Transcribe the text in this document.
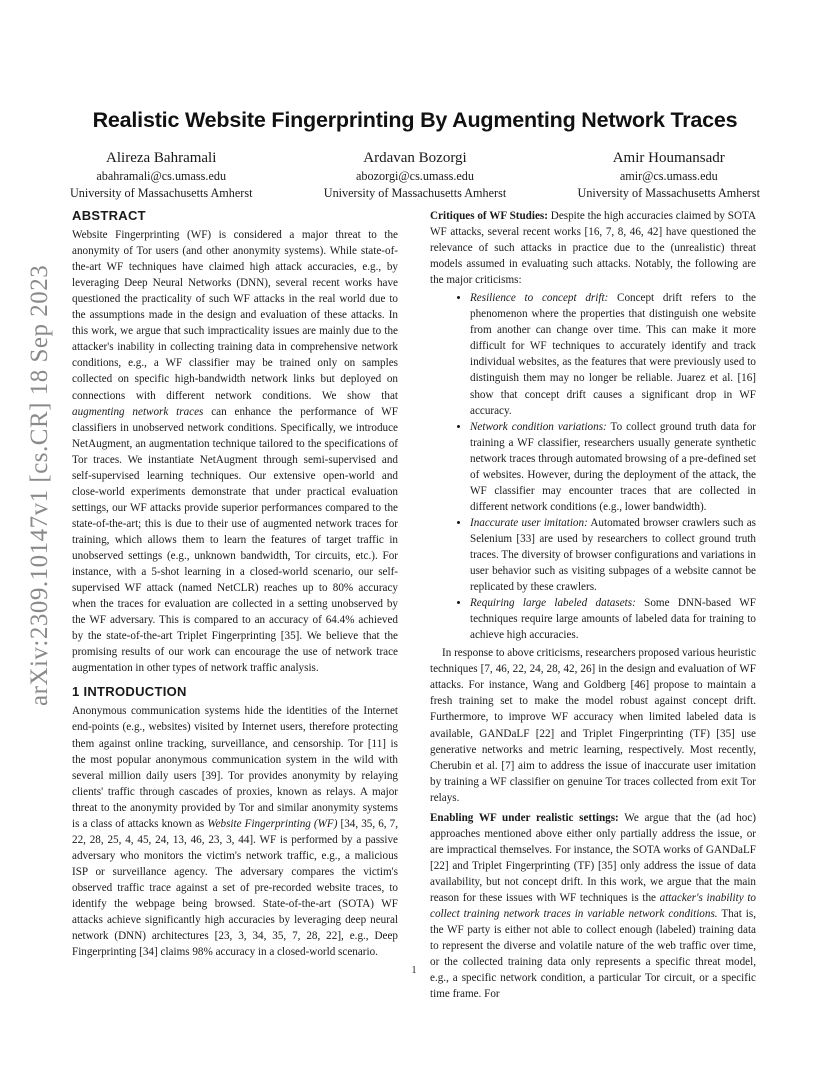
arXiv:2309.10147v1 [cs.CR] 18 Sep 2023
Realistic Website Fingerprinting By Augmenting Network Traces
Alireza Bahramali
abahramali@cs.umass.edu
University of Massachusetts Amherst
Ardavan Bozorgi
abozorgi@cs.umass.edu
University of Massachusetts Amherst
Amir Houmansadr
amir@cs.umass.edu
University of Massachusetts Amherst
ABSTRACT

Website Fingerprinting (WF) is considered a major threat to the anonymity of Tor users (and other anonymity systems). While state-of-the-art WF techniques have claimed high attack accuracies, e.g., by leveraging Deep Neural Networks (DNN), several recent works have questioned the practicality of such WF attacks in the real world due to the assumptions made in the design and evaluation of these attacks. In this work, we argue that such impracticality issues are mainly due to the attacker's inability in collecting training data in comprehensive network conditions, e.g., a WF classifier may be trained only on samples collected on specific high-bandwidth network links but deployed on connections with different network conditions. We show that augmenting network traces can enhance the performance of WF classifiers in unobserved network conditions. Specifically, we introduce NetAugment, an augmentation technique tailored to the specifications of Tor traces. We instantiate NetAugment through semi-supervised and self-supervised learning techniques. Our extensive open-world and close-world experiments demonstrate that under practical evaluation settings, our WF attacks provide superior performances compared to the state-of-the-art; this is due to their use of augmented network traces for training, which allows them to learn the features of target traffic in unobserved settings (e.g., unknown bandwidth, Tor circuits, etc.). For instance, with a 5-shot learning in a closed-world scenario, our self-supervised WF attack (named NetCLR) reaches up to 80% accuracy when the traces for evaluation are collected in a setting unobserved by the WF adversary. This is compared to an accuracy of 64.4% achieved by the state-of-the-art Triplet Fingerprinting [35]. We believe that the promising results of our work can encourage the use of network trace augmentation in other types of network traffic analysis.

1 INTRODUCTION

Anonymous communication systems hide the identities of the Internet end-points (e.g., websites) visited by Internet users, therefore protecting them against online tracking, surveillance, and censorship. Tor [11] is the most popular anonymous communication system in the wild with several million daily users [39]. Tor provides anonymity by relaying clients' traffic through cascades of proxies, known as relays. A major threat to the anonymity provided by Tor and similar anonymity systems is a class of attacks known as Website Fingerprinting (WF) [34, 35, 6, 7, 22, 28, 25, 4, 45, 24, 13, 46, 23, 3, 44]. WF is performed by a passive adversary who monitors the victim's network traffic, e.g., a malicious ISP or surveillance agency. The adversary compares the victim's observed traffic trace against a set of pre-recorded website traces, to identify the webpage being browsed. State-of-the-art (SOTA) WF attacks achieve significantly high accuracies by leveraging deep neural network (DNN) architectures [23, 3, 34, 35, 7, 28, 22], e.g., Deep Fingerprinting [34] claims 98% accuracy in a closed-world scenario.

Critiques of WF Studies: Despite the high accuracies claimed by SOTA WF attacks, several recent works [16, 7, 8, 46, 42] have questioned the relevance of such attacks in practice due to the (unrealistic) threat models assumed in evaluating such attacks. Notably, the following are the major criticisms:

• Resilience to concept drift: Concept drift refers to the phenomenon where the properties that distinguish one website from another can change over time. This can make it more difficult for WF techniques to accurately identify and track individual websites, as the features that were previously used to distinguish them may no longer be reliable. Juarez et al. [16] show that concept drift causes a significant drop in WF accuracy.
• Network condition variations: To collect ground truth data for training a WF classifier, researchers usually generate synthetic network traces through automated browsing of a pre-defined set of websites. However, during the deployment of the attack, the WF classifier may encounter traces that are collected in different network conditions (e.g., lower bandwidth).
• Inaccurate user imitation: Automated browser crawlers such as Selenium [33] are used by researchers to collect ground truth traces. The diversity of browser configurations and variations in user behavior such as visiting subpages of a website cannot be replicated by these crawlers.
• Requiring large labeled datasets: Some DNN-based WF techniques require large amounts of labeled data for training to achieve high accuracies.

In response to above criticisms, researchers proposed various heuristic techniques [7, 46, 22, 24, 28, 42, 26] in the design and evaluation of WF attacks. For instance, Wang and Goldberg [46] propose to maintain a fresh training set to make the model robust against concept drift. Furthermore, to improve WF accuracy when limited labeled data is available, GANDaLF [22] and Triplet Fingerprinting (TF) [35] use generative networks and metric learning, respectively. Most recently, Cherubin et al. [7] aim to address the issue of inaccurate user imitation by training a WF classifier on genuine Tor traces collected from exit Tor relays.

Enabling WF under realistic settings: We argue that the (ad hoc) approaches mentioned above either only partially address the issue, or are impractical themselves. For instance, the SOTA works of GANDaLF [22] and Triplet Fingerprinting (TF) [35] only address the issue of data availability, but not concept drift. In this work, we argue that the main reason for these issues with WF techniques is the attacker's inability to collect training network traces in variable network conditions. That is, the WF party is either not able to collect enough (labeled) training data to represent the diverse and volatile nature of the web traffic over time, or the collected training data only represents a specific threat model, e.g., a specific network condition, a particular Tor circuit, or a specific time frame. For

1
